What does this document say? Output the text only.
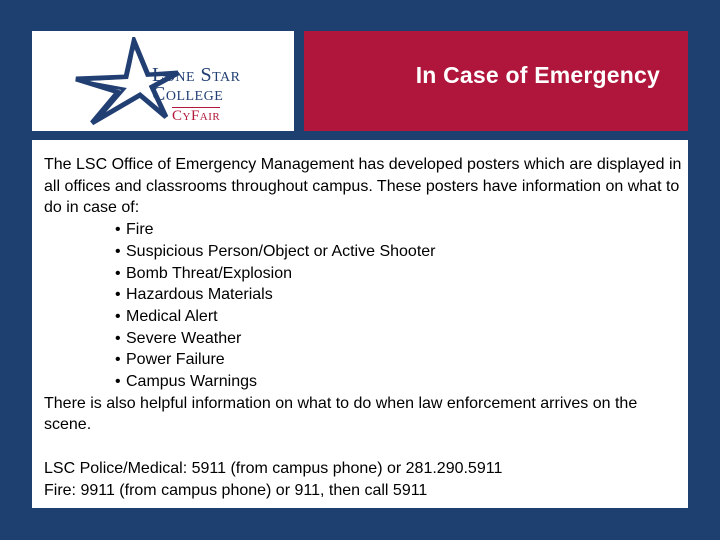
Lone Star
College
CyFair
In Case of Emergency

The LSC Office of Emergency Management has developed posters which are displayed in all offices and classrooms throughout campus. These posters have information on what to do in case of:

• Fire
• Suspicious Person/Object or Active Shooter
• Bomb Threat/Explosion
• Hazardous Materials
• Medical Alert
• Severe Weather
• Power Failure
• Campus Warnings

There is also helpful information on what to do when law enforcement arrives on the scene.

LSC Police/Medical: 5911 (from campus phone) or 281.290.5911
Fire: 9911 (from campus phone) or 911, then call 5911
